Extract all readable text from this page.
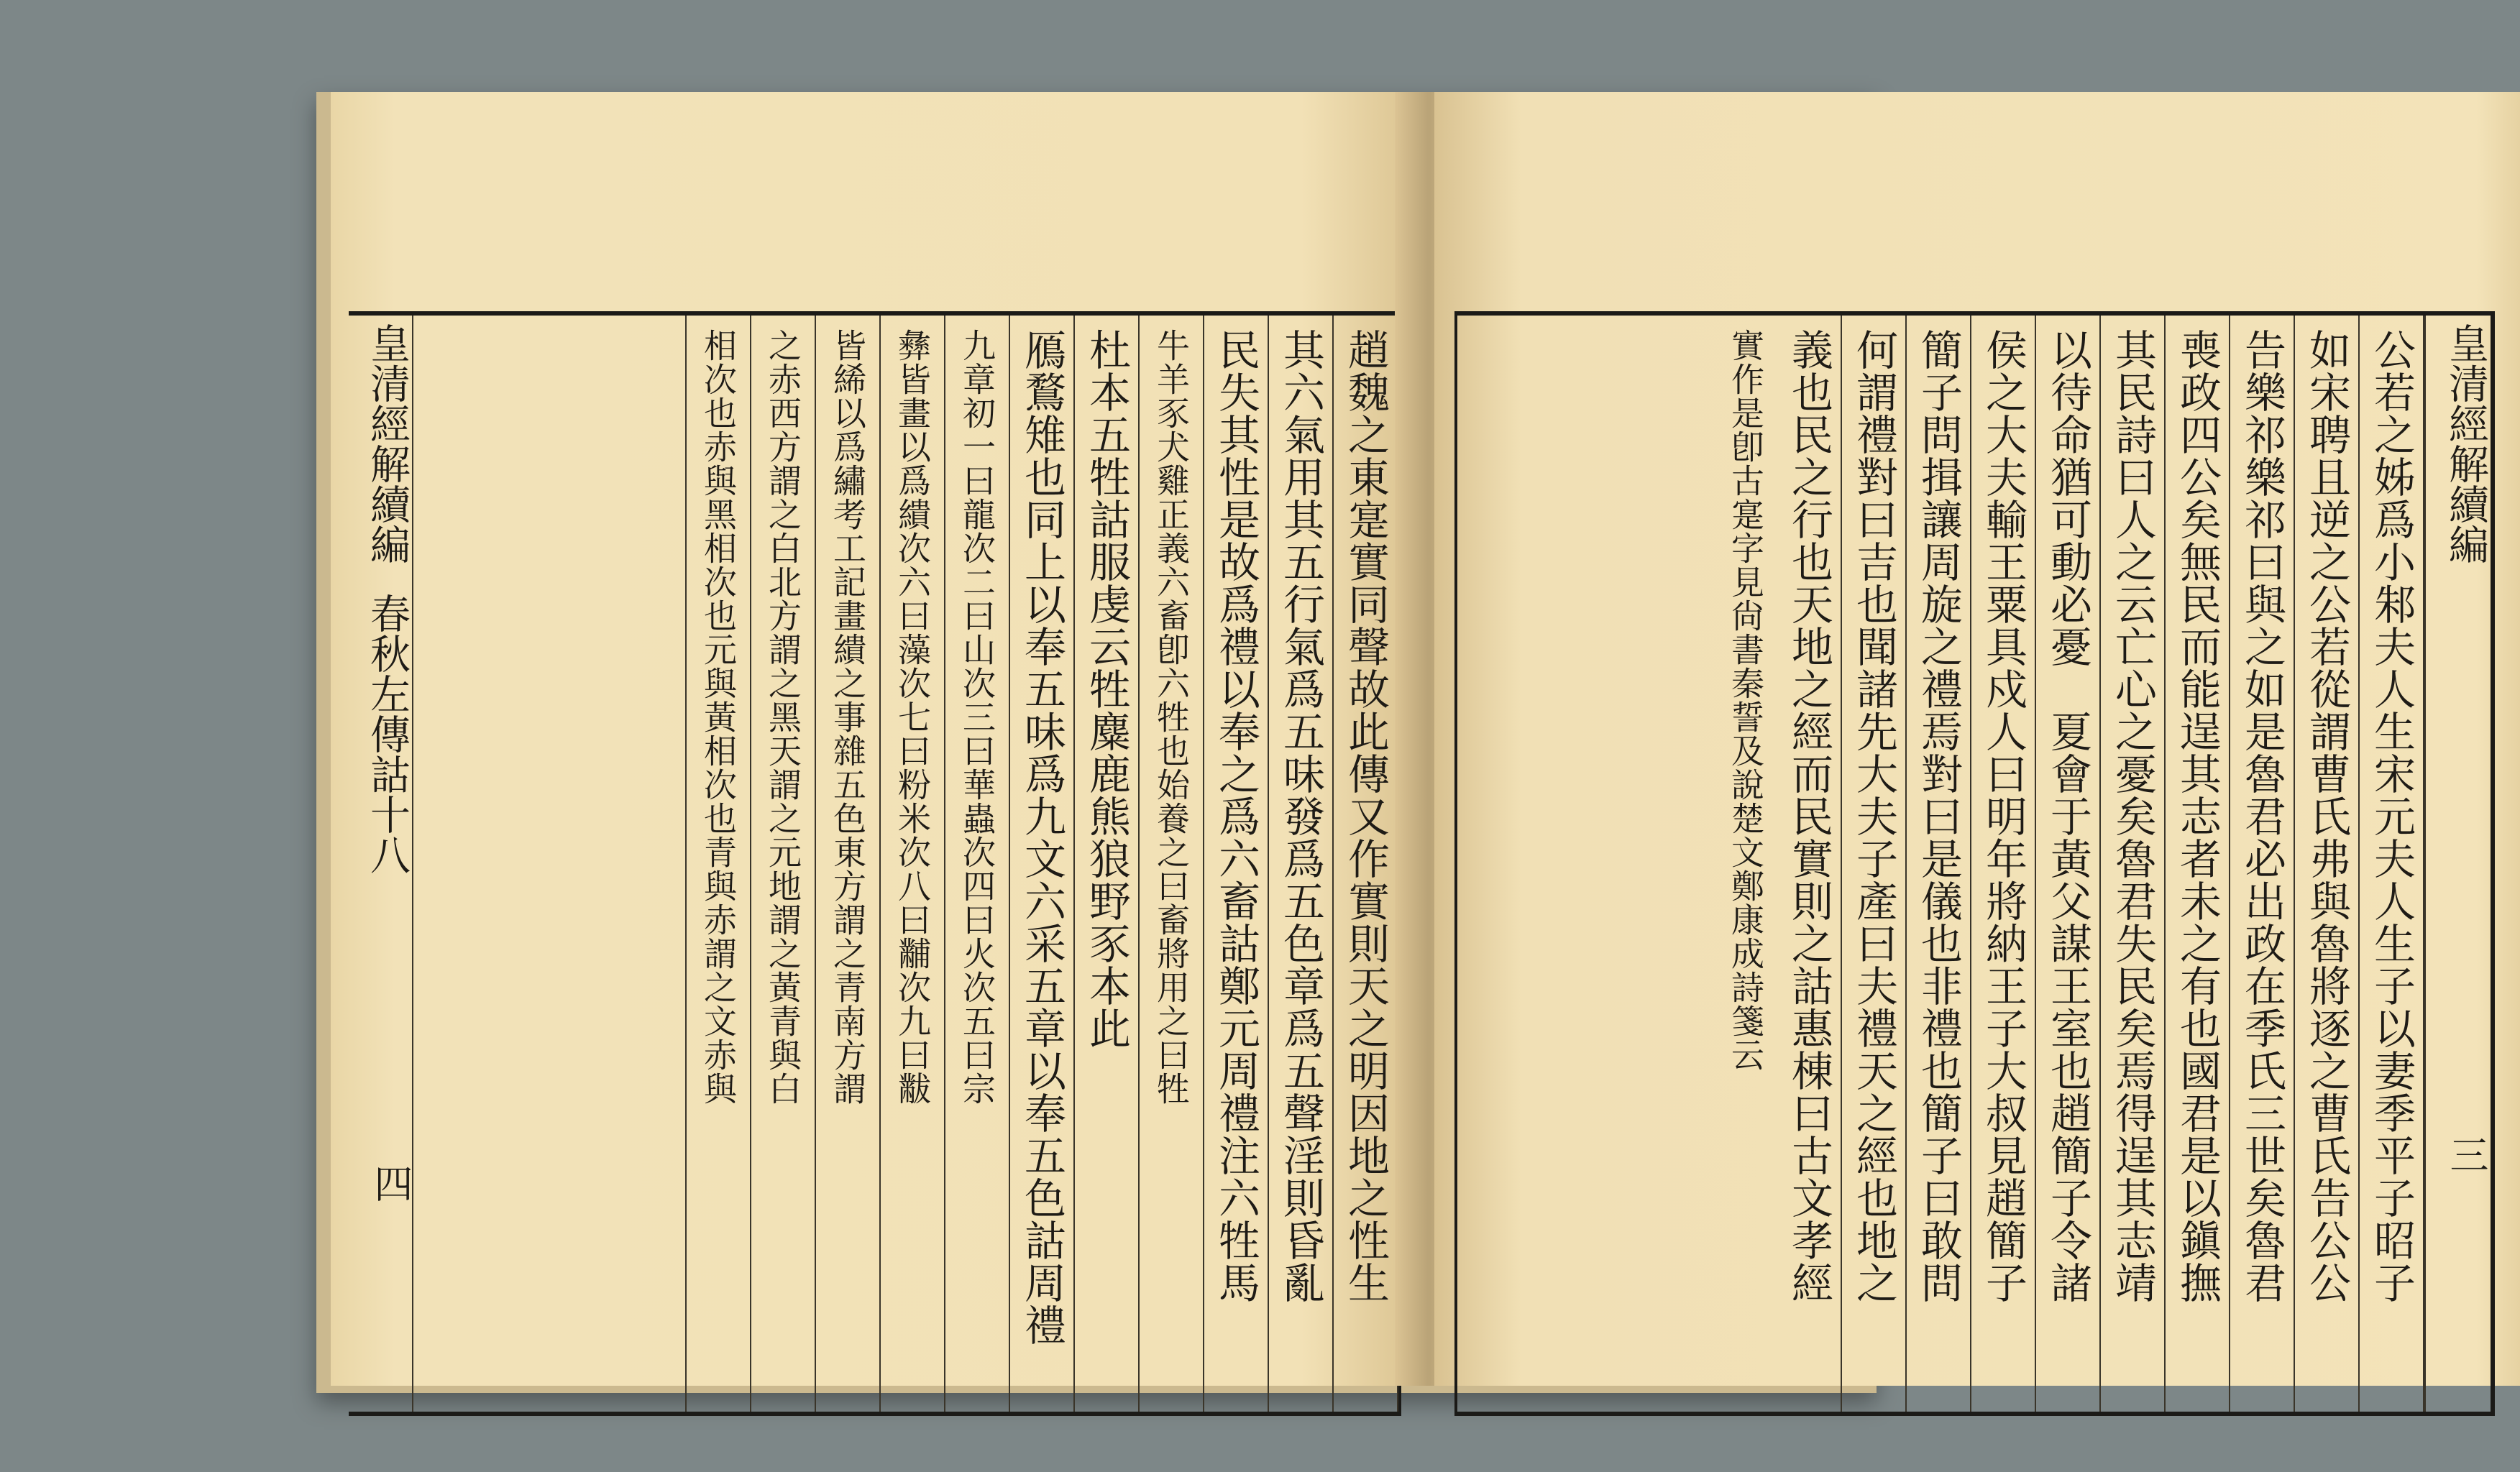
趙魏之東寔實同聲故此傳又作實則天之明因地之性生
其六氣用其五行氣爲五味發爲五色章爲五聲淫則昏亂
民失其性是故爲禮以奉之爲六畜詁鄭元周禮注六牲馬
牛羊豕犬雞正義六畜卽六牲也始養之曰畜將用之曰牲
杜本五牲詁服虔云牲麋鹿熊狼野豕本此
鴈鶩雉也同上以奉五味爲九文六采五章以奉五色詁周禮
九章初一曰龍次二曰山次三曰華蟲次四曰火次五曰宗
彝皆畫以爲繢次六曰藻次七曰粉米次八曰黼次九曰黻
皆絺以爲繡考工記畫繢之事雜五色東方謂之青南方謂
之赤西方謂之白北方謂之黑天謂之元地謂之黃青與白
相次也赤與黑相次也元與黃相次也青與赤謂之文赤與
皇清經解續編春秋左傳詁十八
四
皇清經解續編
三
公若之姊爲小邾夫人生宋元夫人生子以妻季平子昭子
如宋聘且逆之公若從謂曹氏弗與魯將逐之曹氏告公公
告樂祁樂祁曰與之如是魯君必出政在季氏三世矣魯君
喪政四公矣無民而能逞其志者未之有也國君是以鎭撫
其民詩曰人之云亡心之憂矣魯君失民矣焉得逞其志靖
以待命猶可動必憂　夏會于黃父謀王室也趙簡子令諸
侯之大夫輸王粟具戍人曰明年將納王子大叔見趙簡子
簡子問揖讓周旋之禮焉對曰是儀也非禮也簡子曰敢問
何謂禮對曰吉也聞諸先大夫子產曰夫禮天之經也地之
義也民之行也天地之經而民實則之詁惠棟曰古文孝經
實作是卽古寔字見尙書秦誓及說楚文鄭康成詩箋云
